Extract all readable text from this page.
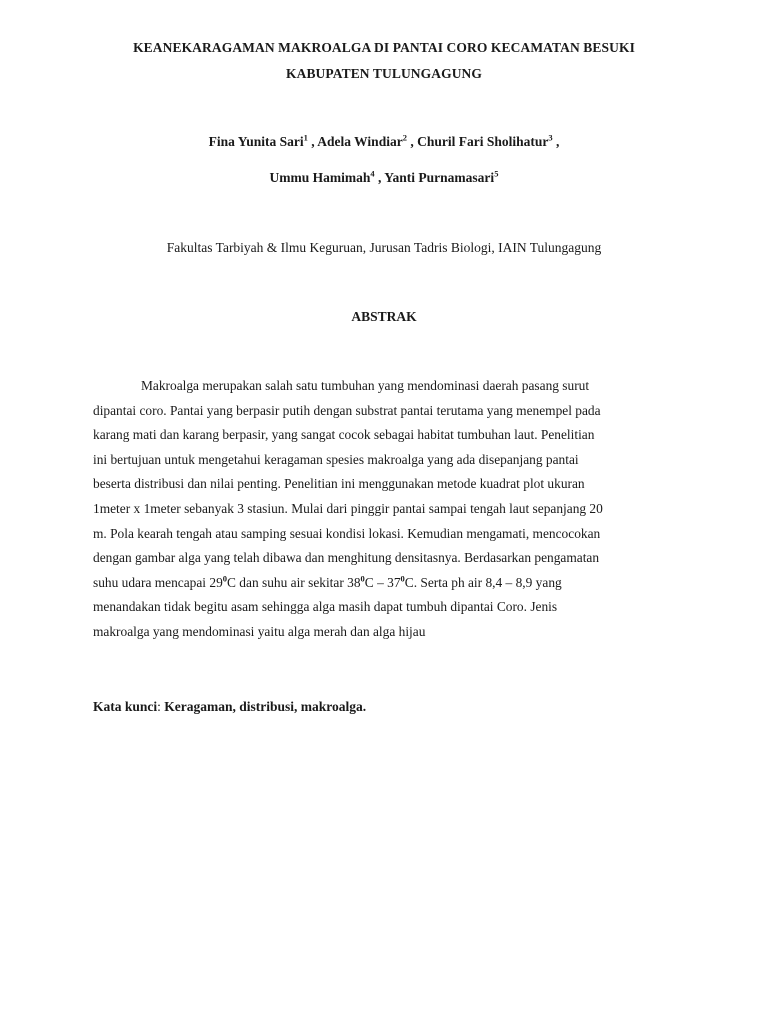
KEANEKARAGAMAN MAKROALGA DI PANTAI CORO KECAMATAN BESUKI
KABUPATEN TULUNGAGUNG
Fina Yunita Sari$^1$ , Adela Windiar$^2$ , Churil Fari Sholihatur$^3$ ,
Ummu Hamimah$^4$ , Yanti Purnamasari$^5$
Fakultas Tarbiyah & Ilmu Keguruan, Jurusan Tadris Biologi, IAIN Tulungagung
ABSTRAK
Makroalga merupakan salah satu tumbuhan yang mendominasi daerah pasang surut
dipantai coro. Pantai yang berpasir putih dengan substrat pantai terutama yang menempel pada
karang mati dan karang berpasir, yang sangat cocok sebagai habitat tumbuhan laut. Penelitian
ini bertujuan untuk mengetahui keragaman spesies makroalga yang ada disepanjang pantai
beserta distribusi dan nilai penting. Penelitian ini menggunakan metode kuadrat plot ukuran
1meter x 1meter sebanyak 3 stasiun. Mulai dari pinggir pantai sampai tengah laut sepanjang 20
m. Pola kearah tengah atau samping sesuai kondisi lokasi. Kemudian mengamati, mencocokan
dengan gambar alga yang telah dibawa dan menghitung densitasnya. Berdasarkan pengamatan
suhu udara mencapai $29^0C$ dan suhu air sekitar $38^0C - 37^0C$. Serta ph air 8,4 – 8,9 yang
menandakan tidak begitu asam sehingga alga masih dapat tumbuh dipantai Coro. Jenis
makroalga yang mendominasi yaitu alga merah dan alga hijau
Kata kunci: Keragaman, distribusi, makroalga.
